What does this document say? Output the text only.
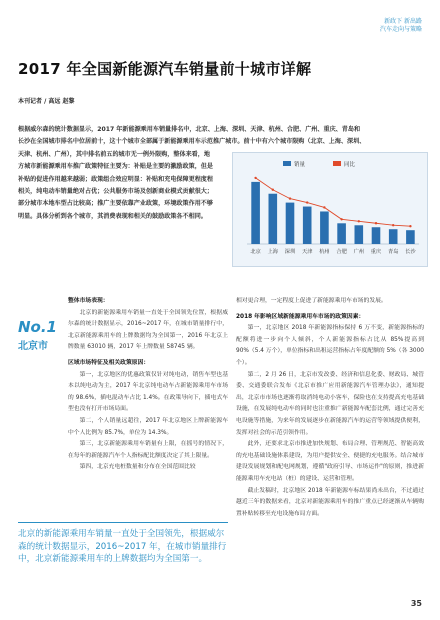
新政下 新出路
汽车走向与策略
2017 年全国新能源汽车销量前十城市详解
本刊记者 / 高远 赵黎
根据威尔森的统计数据显示，2017 年新能源乘用车销量排名中，北京、上海、深圳、天津、杭州、合肥、广州、重庆、青岛和
长沙在全国城市排名中位居前十，这十个城市全部属于新能源乘用车示范推广城市。前十中有六个城市限购（北京、上海、深圳、
天津、杭州、广州），其中排名前五的城市无一例外限购，整体来看，地
方城市新能源乘用车推广政策特征主要为：补贴是主要的激励政策，但是
补贴的促进作用越来越弱；政策组合效应明显：补贴和充电保障更程度程
相关，纯电动车销量绝对占优；公共服务市场及创新商业模式贡献很大；
部分城市本地车型占比较高；推广主要依靠产业政策，环境政策作用不够
明显。具体分析到各个城市，其消费表现和相关的鼓励政策各不相同。
销量	同比
北京 上海 深圳 天津 杭州 合肥 广州 重庆 青岛 长沙
No.1
北京市

整体市场表现：

北京的新能源乘用车销量一直处于全国领先位置，根据威尔森的统计数据显示，2016~2017 年，在城市销量排行中，北京新能源乘用车的上牌数据均为全国第一，2016 年北京上牌数量 63010 辆，2017 年上牌数量 58745 辆。

区域市场特征及相关政策原因：

第一，北京地区的优惠政策仅针对纯电动，销售车型也基本以纯电动为主，2017 年北京纯电动车占新能源乘用车市场的 98.6%，插电混动车占比 1.4%。在政策导向下，插电式车型也没有打开市场局面。

第二，个人销量远超往，2017 年北京地区上牌新能源车中个人比例为 85.7%，单位为 14.3%。

第三，北京新能源乘用车销量有上限，在摇号的情况下，在每年的新能源汽车个人指标配比额度决定了其上限量。

第四，北京充电桩数量和分布在全国范围比较

相对更合理，一定程度上促进了新能源乘用车市场的发展。

2018 年影响区域新能源乘用车市场的政策因素：

第一，北京地区 2018 年新能源指标保持 6 万不变，新能源指标的配额将进一步向个人倾斜，个人新能源指标占比从 85%提高到 90%（5.4 万个），单位指标和出租运营指标占年度配额的 5%（各 3000 个）。

第二，2 月 26 日，北京市发改委、经济和信息化委、财政局、城管委、交通委联合发布《北京市推广应用新能源汽车管理办法》，通知提出，北京市市场也逐渐将取消纯电动小客车，保险也在支持提高充电基础设施，在发展纯电动车的同时也注重推广新能源车配套比例，通过完善充电设施等措施，为来年的发展逐步在新能源汽车的运营等领域提供便利，发挥对社会的示范引领作用。

此外，还要求北京市推进加快规划、布局合理、管理规范、智能高效的充电基础设施体系建设，为用户提供安全、便捷的充电服务。结合城市建设发展规划和配电网规划，遵循"政府引导、市场运作"的原则，推进新能源乘用车充电站（桩）的建设、运营和管理。

截止发稿时，北京地区 2018 年新能源车标结果尚未出台，不过通过越近三年的数据来看，北京对新能源乘用车的推广重点已经逐渐从车辆购置补贴转移至充电设施布局方面。

北京的新能源乘用车销量一直处于全国领先，根据威尔森的统计数据显示，2016~2017 年，在城市销量排行中，北京新能源乘用车的上牌数据均为全国第一。
35
